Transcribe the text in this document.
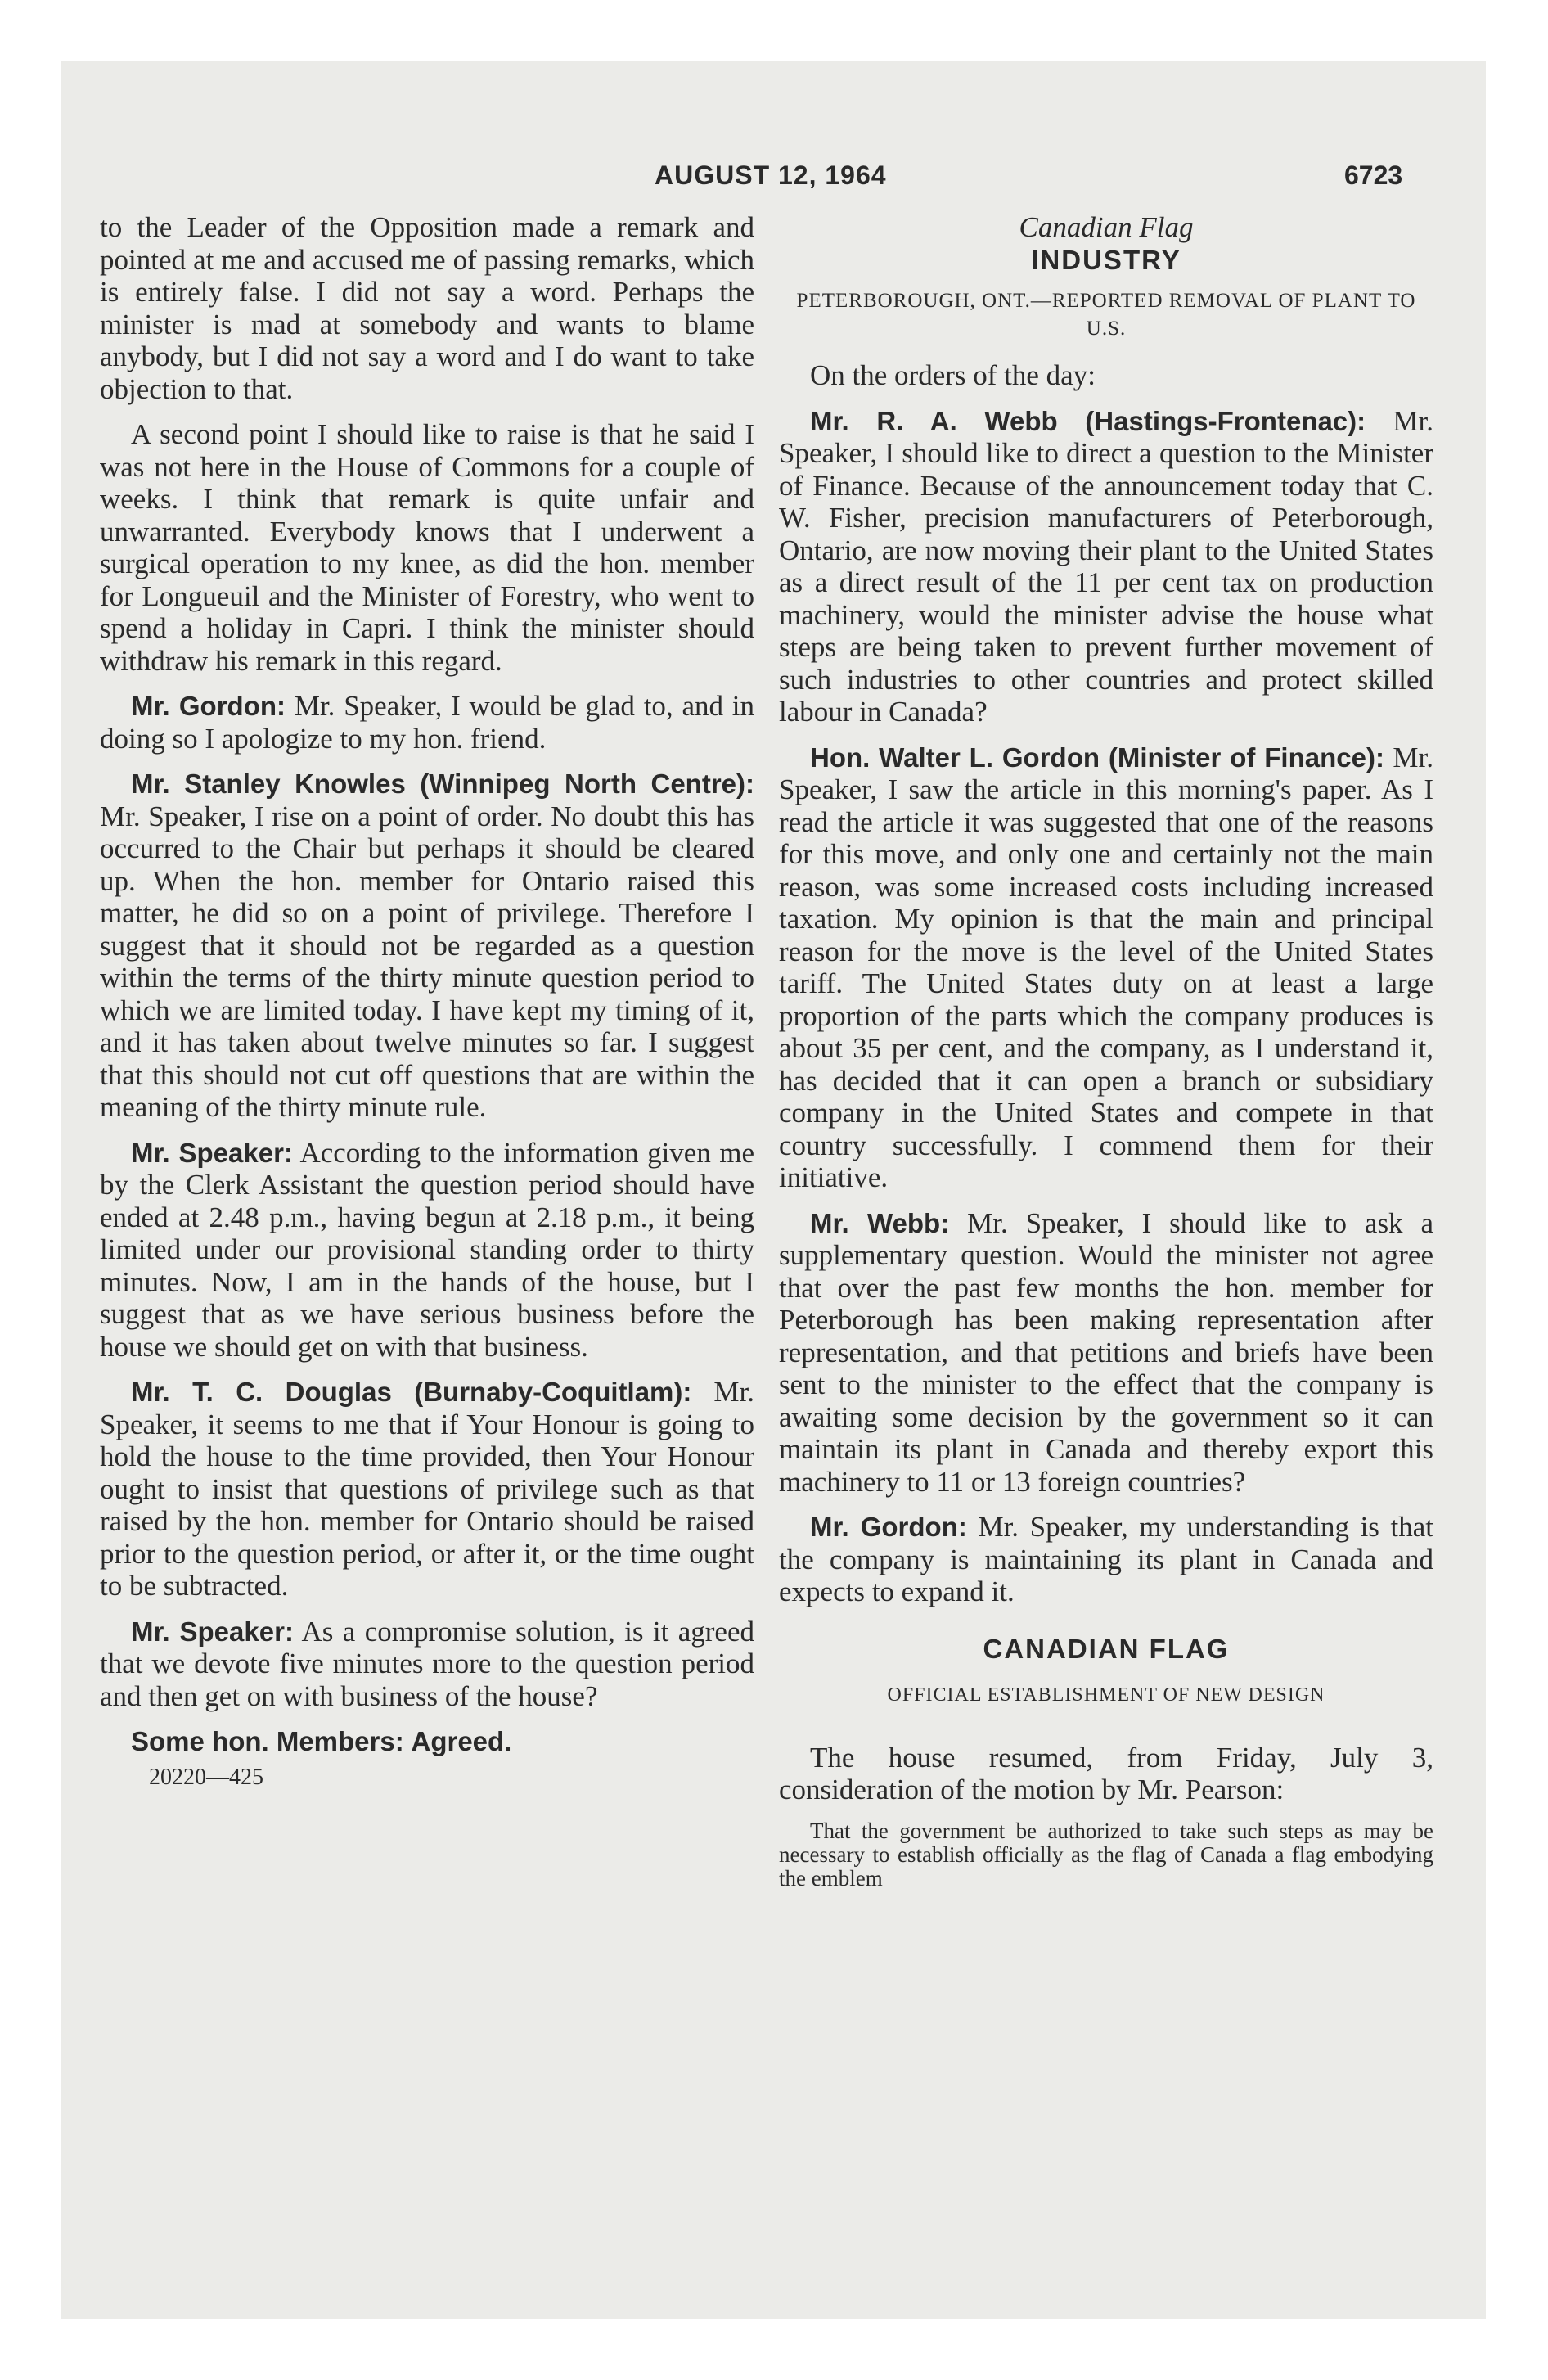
AUGUST 12, 1964	6723

to the Leader of the Opposition made a remark and pointed at me and accused me of passing remarks, which is entirely false. I did not say a word. Perhaps the minister is mad at somebody and wants to blame anybody, but I did not say a word and I do want to take objection to that.

A second point I should like to raise is that he said I was not here in the House of Commons for a couple of weeks. I think that remark is quite unfair and unwarranted. Everybody knows that I underwent a surgical operation to my knee, as did the hon. member for Longueuil and the Minister of Forestry, who went to spend a holiday in Capri. I think the minister should withdraw his remark in this regard.

Mr. Gordon: Mr. Speaker, I would be glad to, and in doing so I apologize to my hon. friend.

Mr. Stanley Knowles (Winnipeg North Centre): Mr. Speaker, I rise on a point of order. No doubt this has occurred to the Chair but perhaps it should be cleared up. When the hon. member for Ontario raised this matter, he did so on a point of privilege. Therefore I suggest that it should not be regarded as a question within the terms of the thirty minute question period to which we are limited today. I have kept my timing of it, and it has taken about twelve minutes so far. I suggest that this should not cut off questions that are within the meaning of the thirty minute rule.

Mr. Speaker: According to the information given me by the Clerk Assistant the question period should have ended at 2.48 p.m., having begun at 2.18 p.m., it being limited under our provisional standing order to thirty minutes. Now, I am in the hands of the house, but I suggest that as we have serious business before the house we should get on with that business.

Mr. T. C. Douglas (Burnaby-Coquitlam): Mr. Speaker, it seems to me that if Your Honour is going to hold the house to the time provided, then Your Honour ought to insist that questions of privilege such as that raised by the hon. member for Ontario should be raised prior to the question period, or after it, or the time ought to be subtracted.

Mr. Speaker: As a compromise solution, is it agreed that we devote five minutes more to the question period and then get on with business of the house?

Some hon. Members: Agreed.

20220—425

Canadian Flag

INDUSTRY

PETERBOROUGH, ONT.—REPORTED REMOVAL OF PLANT TO U.S.

On the orders of the day:

Mr. R. A. Webb (Hastings-Frontenac): Mr. Speaker, I should like to direct a question to the Minister of Finance. Because of the announcement today that C. W. Fisher, precision manufacturers of Peterborough, Ontario, are now moving their plant to the United States as a direct result of the 11 per cent tax on production machinery, would the minister advise the house what steps are being taken to prevent further movement of such industries to other countries and protect skilled labour in Canada?

Hon. Walter L. Gordon (Minister of Finance): Mr. Speaker, I saw the article in this morning's paper. As I read the article it was suggested that one of the reasons for this move, and only one and certainly not the main reason, was some increased costs including increased taxation. My opinion is that the main and principal reason for the move is the level of the United States tariff. The United States duty on at least a large proportion of the parts which the company produces is about 35 per cent, and the company, as I understand it, has decided that it can open a branch or subsidiary company in the United States and compete in that country successfully. I commend them for their initiative.

Mr. Webb: Mr. Speaker, I should like to ask a supplementary question. Would the minister not agree that over the past few months the hon. member for Peterborough has been making representation after representation, and that petitions and briefs have been sent to the minister to the effect that the company is awaiting some decision by the government so it can maintain its plant in Canada and thereby export this machinery to 11 or 13 foreign countries?

Mr. Gordon: Mr. Speaker, my understanding is that the company is maintaining its plant in Canada and expects to expand it.

CANADIAN FLAG

OFFICIAL ESTABLISHMENT OF NEW DESIGN

The house resumed, from Friday, July 3, consideration of the motion by Mr. Pearson:

That the government be authorized to take such steps as may be necessary to establish officially as the flag of Canada a flag embodying the emblem
